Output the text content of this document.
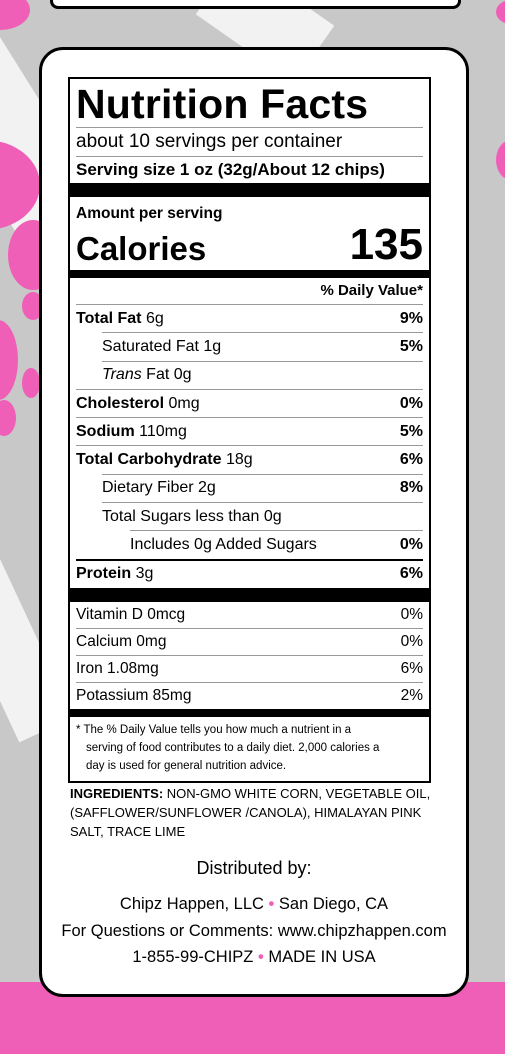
Nutrition Facts
about 10 servings per container
Serving size 1 oz (32g/About 12 chips)
Amount per serving
Calories	135
% Daily Value*
Total Fat 6g	9%
Saturated Fat 1g	5%
Trans Fat 0g
Cholesterol 0mg	0%
Sodium 110mg	5%
Total Carbohydrate 18g	6%
Dietary Fiber 2g	8%
Total Sugars less than 0g
Includes 0g Added Sugars	0%
Protein 3g	6%
Vitamin D 0mcg	0%
Calcium 0mg	0%
Iron 1.08mg	6%
Potassium 85mg	2%
* The % Daily Value tells you how much a nutrient in a
serving of food contributes to a daily diet. 2,000 calories a
day is used for general nutrition advice.
INGREDIENTS: NON-GMO WHITE CORN, VEGETABLE OIL, (SAFFLOWER/SUNFLOWER /CANOLA), HIMALAYAN PINK SALT, TRACE LIME
Distributed by:
Chipz Happen, LLC • San Diego, CA
For Questions or Comments: www.chipzhappen.com
1-855-99-CHIPZ • MADE IN USA
